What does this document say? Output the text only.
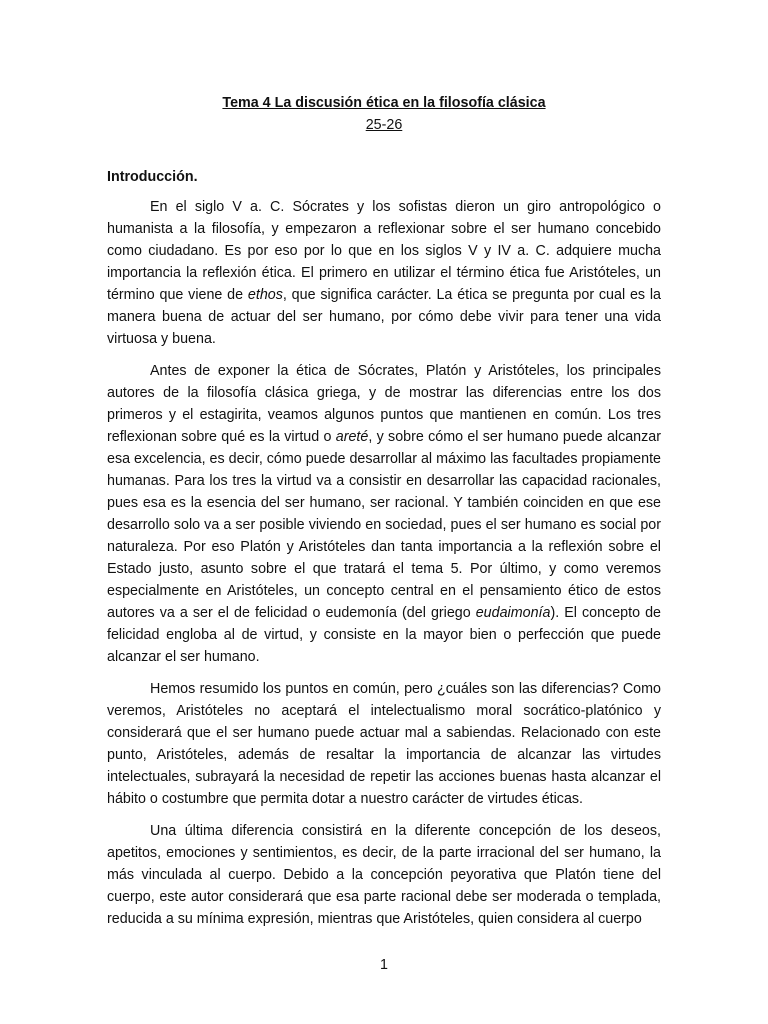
Tema 4 La discusión ética en la filosofía clásica
25-26
Introducción.

En el siglo V a. C. Sócrates y los sofistas dieron un giro antropológico o humanista a la filosofía, y empezaron a reflexionar sobre el ser humano concebido como ciudadano. Es por eso por lo que en los siglos V y IV a. C. adquiere mucha importancia la reflexión ética. El primero en utilizar el término ética fue Aristóteles, un término que viene de ethos, que significa carácter. La ética se pregunta por cual es la manera buena de actuar del ser humano, por cómo debe vivir para tener una vida virtuosa y buena.

Antes de exponer la ética de Sócrates, Platón y Aristóteles, los principales autores de la filosofía clásica griega, y de mostrar las diferencias entre los dos primeros y el estagirita, veamos algunos puntos que mantienen en común. Los tres reflexionan sobre qué es la virtud o areté, y sobre cómo el ser humano puede alcanzar esa excelencia, es decir, cómo puede desarrollar al máximo las facultades propiamente humanas. Para los tres la virtud va a consistir en desarrollar las capacidad racionales, pues esa es la esencia del ser humano, ser racional. Y también coinciden en que ese desarrollo solo va a ser posible viviendo en sociedad, pues el ser humano es social por naturaleza. Por eso Platón y Aristóteles dan tanta importancia a la reflexión sobre el Estado justo, asunto sobre el que tratará el tema 5. Por último, y como veremos especialmente en Aristóteles, un concepto central en el pensamiento ético de estos autores va a ser el de felicidad o eudemonía (del griego eudaimonía). El concepto de felicidad engloba al de virtud, y consiste en la mayor bien o perfección que puede alcanzar el ser humano.

Hemos resumido los puntos en común, pero ¿cuáles son las diferencias? Como veremos, Aristóteles no aceptará el intelectualismo moral socrático-platónico y considerará que el ser humano puede actuar mal a sabiendas. Relacionado con este punto, Aristóteles, además de resaltar la importancia de alcanzar las virtudes intelectuales, subrayará la necesidad de repetir las acciones buenas hasta alcanzar el hábito o costumbre que permita dotar a nuestro carácter de virtudes éticas.

Una última diferencia consistirá en la diferente concepción de los deseos, apetitos, emociones y sentimientos, es decir, de la parte irracional del ser humano, la más vinculada al cuerpo. Debido a la concepción peyorativa que Platón tiene del cuerpo, este autor considerará que esa parte racional debe ser moderada o templada, reducida a su mínima expresión, mientras que Aristóteles, quien considera al cuerpo

1
